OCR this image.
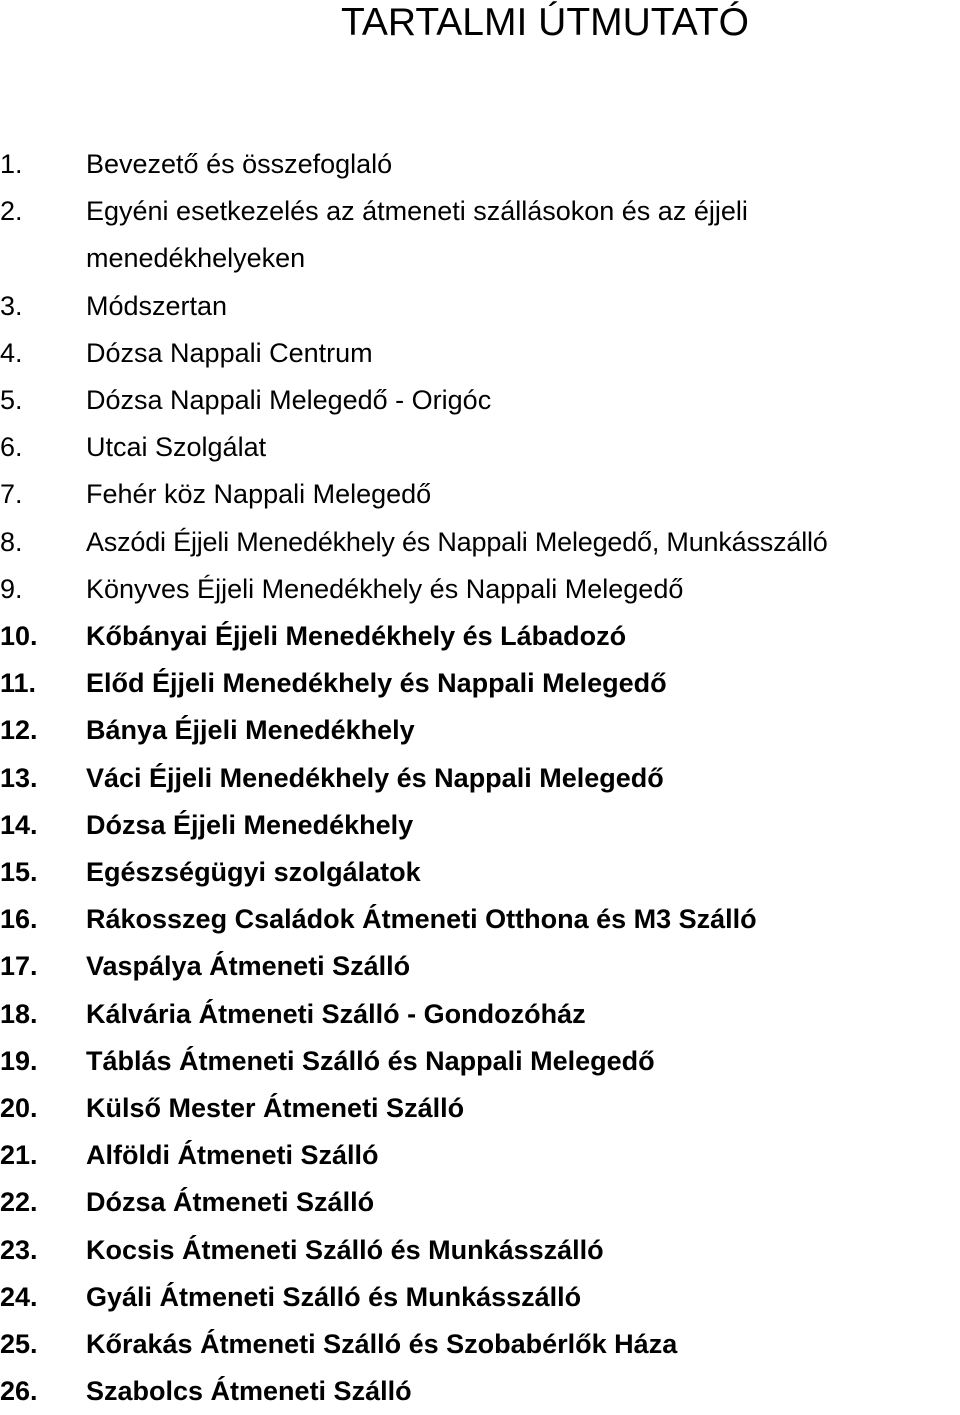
TARTALMI ÚTMUTATÓ
1. Bevezető és összefoglaló
2. Egyéni esetkezelés az átmeneti szállásokon és az éjjeli menedékhelyeken
3. Módszertan
4. Dózsa Nappali Centrum
5. Dózsa Nappali Melegedő - Origóc
6. Utcai Szolgálat
7. Fehér köz Nappali Melegedő
8. Aszódi Éjjeli Menedékhely és Nappali Melegedő, Munkásszálló
9. Könyves Éjjeli Menedékhely és Nappali Melegedő
10. Kőbányai Éjjeli Menedékhely és Lábadozó
11. Előd Éjjeli Menedékhely és Nappali Melegedő
12. Bánya Éjjeli Menedékhely
13. Váci Éjjeli Menedékhely és Nappali Melegedő
14. Dózsa Éjjeli Menedékhely
15. Egészségügyi szolgálatok
16. Rákosszeg Családok Átmeneti Otthona és M3 Szálló
17. Vaspálya Átmeneti Szálló
18. Kálvária Átmeneti Szálló - Gondozóház
19. Táblás Átmeneti Szálló és Nappali Melegedő
20. Külső Mester Átmeneti Szálló
21. Alföldi Átmeneti Szálló
22. Dózsa Átmeneti Szálló
23. Kocsis Átmeneti Szálló és Munkásszálló
24. Gyáli Átmeneti Szálló és Munkásszálló
25. Kőrakás Átmeneti Szálló és Szobabérlők Háza
26. Szabolcs Átmeneti Szálló
